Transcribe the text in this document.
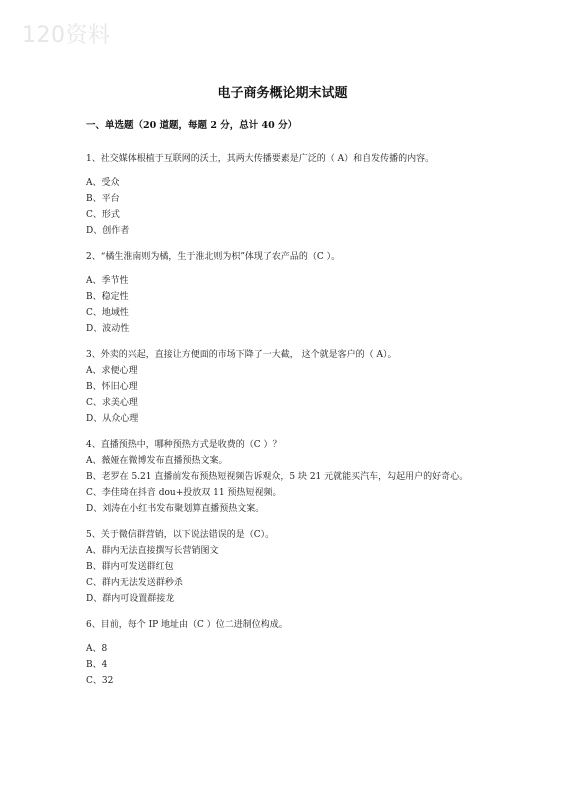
120资料
电子商务概论期末试题
一、单选题（20 道题，每题 2 分，总计 40 分）
1、社交媒体根植于互联网的沃土，其两大传播要素是广泛的（ A）和自发传播的内容。
A、受众
B、平台
C、形式
D、创作者
2、“橘生淮南则为橘，生于淮北则为枳”体现了农产品的（C ）。
A、季节性
B、稳定性
C、地域性
D、波动性
3、外卖的兴起，直接让方便面的市场下降了一大截， 这个就是客户的（ A）。
A、求便心理
B、怀旧心理
C、求美心理
D、从众心理
4、直播预热中，哪种预热方式是收费的（C ）？
A、薇娅在微博发布直播预热文案。
B、老罗在 5.21 直播前发布预热短视频告诉观众，5 块 21 元就能买汽车，勾起用户的好奇心。
C、李佳琦在抖音 dou+投放双 11 预热短视频。
D、刘涛在小红书发布聚划算直播预热文案。
5、关于微信群营销，以下说法错误的是（C）。
A、群内无法直接撰写长营销图文
B、群内可发送群红包
C、群内无法发送群秒杀
D、群内可设置群接龙
6、目前，每个 IP 地址由（C ）位二进制位构成。
A、8
B、4
C、32
